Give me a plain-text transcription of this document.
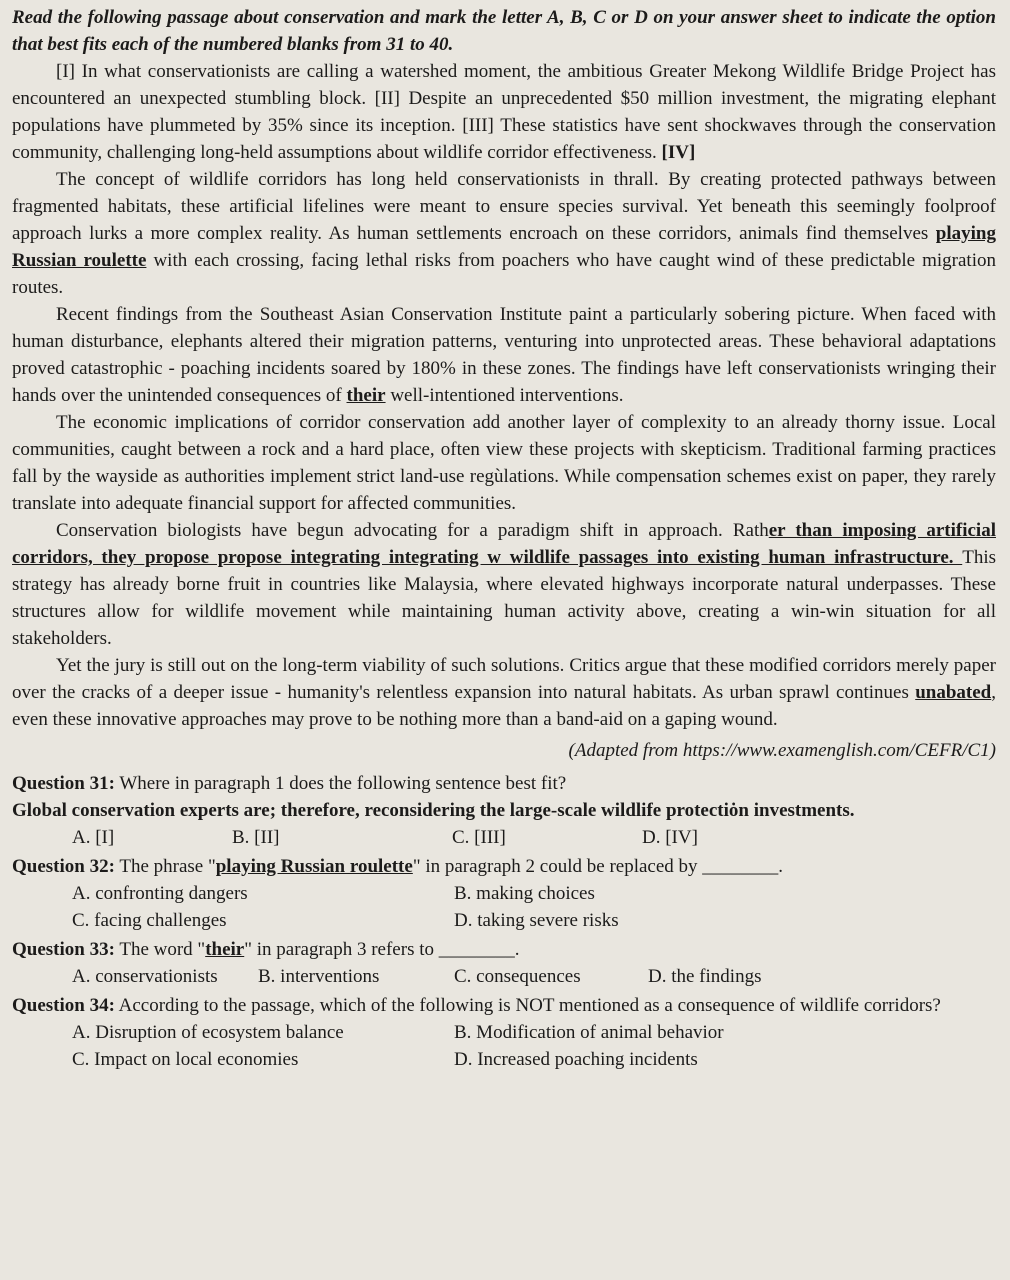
Read the following passage about conservation and mark the letter A, B, C or D on your answer sheet to indicate the option that best fits each of the numbered blanks from 31 to 40.

[I] In what conservationists are calling a watershed moment, the ambitious Greater Mekong Wildlife Bridge Project has encountered an unexpected stumbling block. [II] Despite an unprecedented $50 million investment, the migrating elephant populations have plummeted by 35% since its inception. [III] These statistics have sent shockwaves through the conservation community, challenging long-held assumptions about wildlife corridor effectiveness. [IV]

The concept of wildlife corridors has long held conservationists in thrall. By creating protected pathways between fragmented habitats, these artificial lifelines were meant to ensure species survival. Yet beneath this seemingly foolproof approach lurks a more complex reality. As human settlements encroach on these corridors, animals find themselves playing Russian roulette with each crossing, facing lethal risks from poachers who have caught wind of these predictable migration routes.

Recent findings from the Southeast Asian Conservation Institute paint a particularly sobering picture. When faced with human disturbance, elephants altered their migration patterns, venturing into unprotected areas. These behavioral adaptations proved catastrophic - poaching incidents soared by 180% in these zones. The findings have left conservationists wringing their hands over the unintended consequences of their well-intentioned interventions.

The economic implications of corridor conservation add another layer of complexity to an already thorny issue. Local communities, caught between a rock and a hard place, often view these projects with skepticism. Traditional farming practices fall by the wayside as authorities implement strict land-use regùlations. While compensation schemes exist on paper, they rarely translate into adequate financial support for affected communities.

Conservation biologists have begun advocating for a paradigm shift in approach. Rather than imposing artificial corridors, they propose propose integrating integrating w wildlife passages into existing human infrastructure. This strategy has already borne fruit in countries like Malaysia, where elevated highways incorporate natural underpasses. These structures allow for wildlife movement while maintaining human activity above, creating a win-win situation for all stakeholders.

Yet the jury is still out on the long-term viability of such solutions. Critics argue that these modified corridors merely paper over the cracks of a deeper issue - humanity's relentless expansion into natural habitats. As urban sprawl continues unabated, even these innovative approaches may prove to be nothing more than a band-aid on a gaping wound.

(Adapted from https://www.examenglish.com/CEFR/C1)

Question 31: Where in paragraph 1 does the following sentence best fit?
Global conservation experts are; therefore, reconsidering the large-scale wildlife protectiȯn investments.
A. [I]	B. [II]	C. [III]	D. [IV]
Question 32: The phrase "playing Russian roulette" in paragraph 2 could be replaced by ________.
A. confronting dangers	B. making choices
C. facing challenges	D. taking severe risks
Question 33: The word "their" in paragraph 3 refers to ________.
A. conservationists	B. interventions	C. consequences	D. the findings
Question 34: According to the passage, which of the following is NOT mentioned as a consequence of wildlife corridors?
A. Disruption of ecosystem balance	B. Modification of animal behavior
C. Impact on local economies	D. Increased poaching incidents
